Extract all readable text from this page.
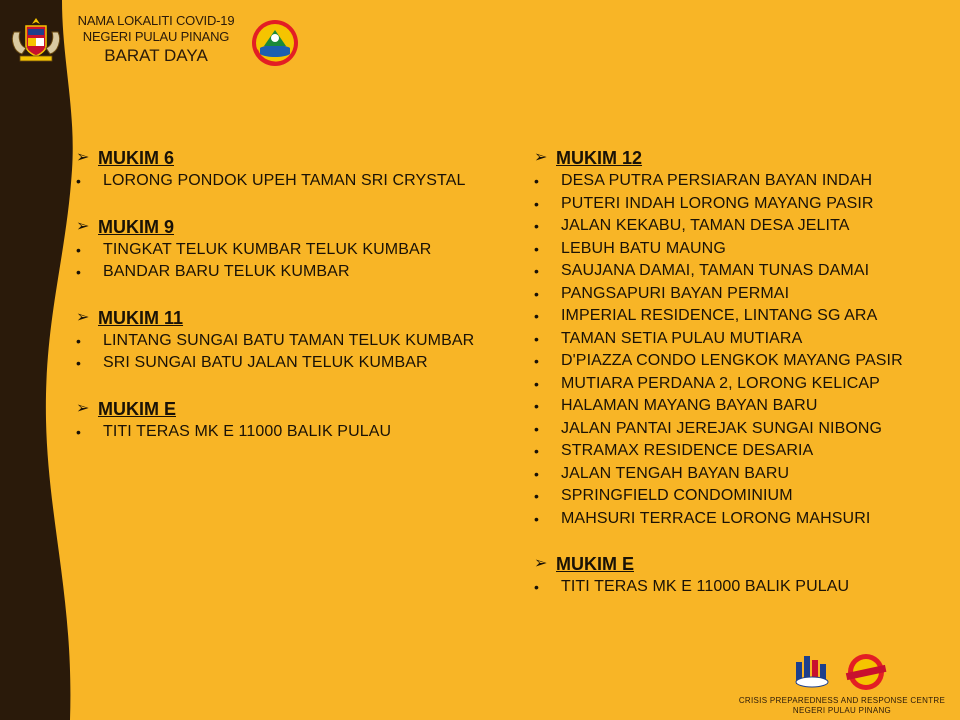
NAMA LOKALITI COVID-19
NEGERI PULAU PINANG
BARAT DAYA
➢ MUKIM 6
•	LORONG PONDOK UPEH TAMAN SRI CRYSTAL
➢ MUKIM 9
•	TINGKAT TELUK KUMBAR TELUK KUMBAR
•	BANDAR BARU TELUK KUMBAR
➢ MUKIM 11
•	LINTANG SUNGAI BATU TAMAN TELUK KUMBAR
•	SRI SUNGAI BATU JALAN TELUK KUMBAR
➢ MUKIM E
•	TITI TERAS MK E 11000 BALIK PULAU
➢ MUKIM 12
•	DESA PUTRA PERSIARAN BAYAN INDAH
•	PUTERI INDAH LORONG MAYANG PASIR
•	JALAN KEKABU, TAMAN DESA JELITA
•	LEBUH BATU MAUNG
•	SAUJANA DAMAI, TAMAN TUNAS DAMAI
•	PANGSAPURI BAYAN PERMAI
•	IMPERIAL RESIDENCE, LINTANG SG ARA
•	TAMAN SETIA PULAU MUTIARA
•	D'PIAZZA CONDO LENGKOK MAYANG PASIR
•	MUTIARA PERDANA 2, LORONG KELICAP
•	HALAMAN MAYANG BAYAN BARU
•	JALAN PANTAI JEREJAK SUNGAI NIBONG
•	STRAMAX RESIDENCE DESARIA
•	JALAN TENGAH BAYAN BARU
•	SPRINGFIELD CONDOMINIUM
•	MAHSURI TERRACE LORONG MAHSURI
➢ MUKIM E
•	TITI TERAS MK E 11000 BALIK PULAU
CRISIS PREPAREDNESS AND RESPONSE CENTRE
NEGERI PULAU PINANG
